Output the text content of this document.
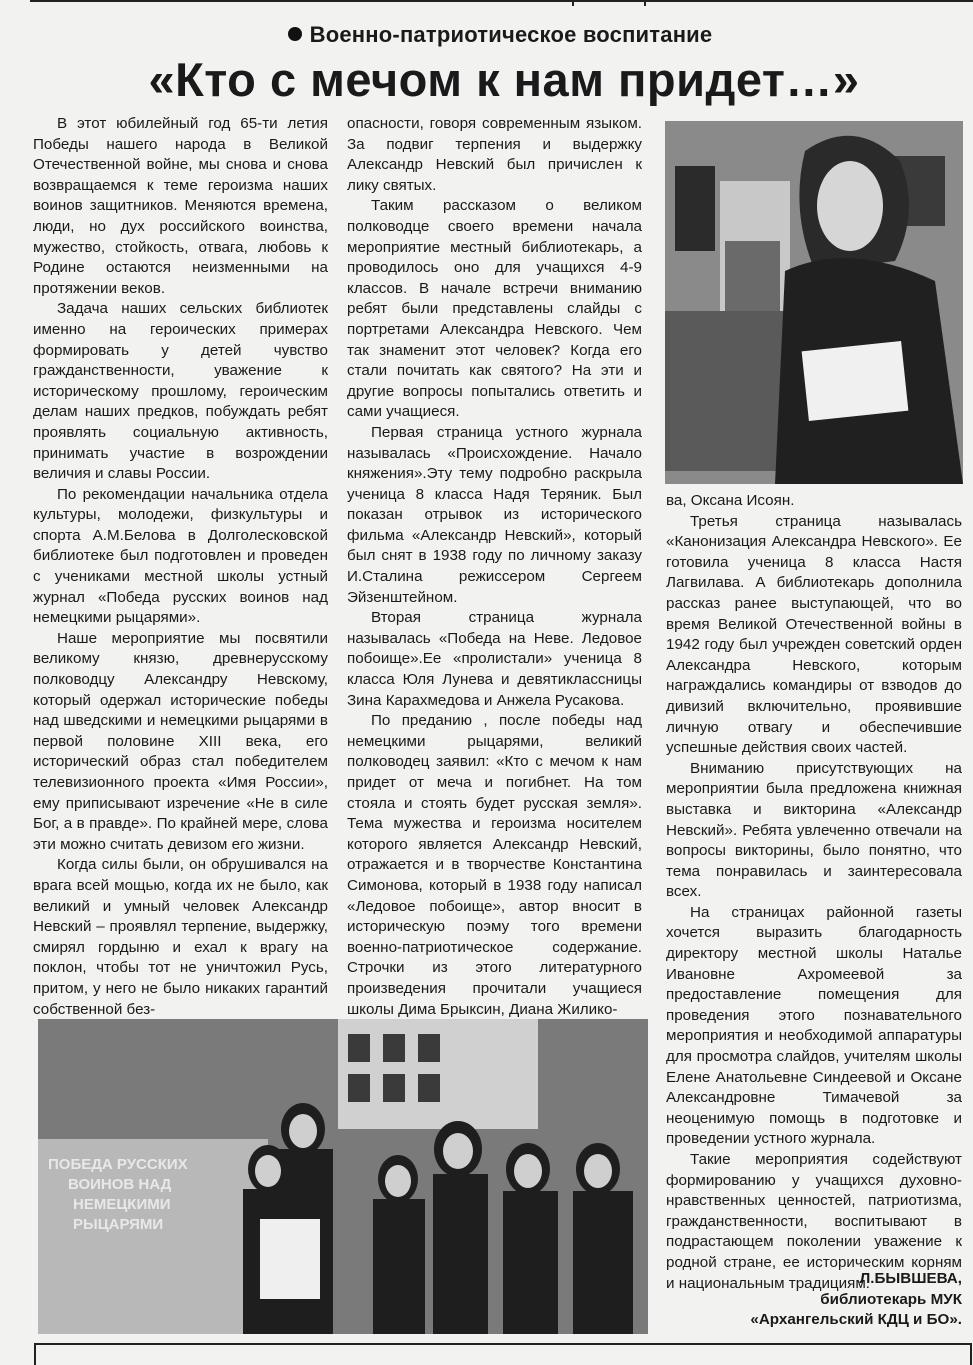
Военно-патриотическое воспитание
«Кто с мечом к нам придет…»

В этот юбилейный год 65-ти летия Победы нашего народа в Великой Отечественной войне, мы снова и снова возвращаемся к теме героизма наших воинов защитников. Меняются времена, люди, но дух российского воинства, мужество, стойкость, отвага, любовь к Родине остаются неизменными на протяжении веков.

Задача наших сельских библиотек именно на героических примерах формировать у детей чувство гражданственности, уважение к историческому прошлому, героическим делам наших предков, побуждать ребят проявлять социальную активность, принимать участие в возрождении величия и славы России.

По рекомендации начальника отдела культуры, молодежи, физкультуры и спорта А.М.Белова в Долголесковской библиотеке был подготовлен и проведен с учениками местной школы устный журнал «Победа русских воинов над немецкими рыцарями».

Наше мероприятие мы посвятили великому князю, древнерусскому полководцу Александру Невскому, который одержал исторические победы над шведскими и немецкими рыцарями в первой половине XIII века, его исторический образ стал победителем телевизионного проекта «Имя России», ему приписывают изречение «Не в силе Бог, а в правде». По крайней мере, слова эти можно считать девизом его жизни.

Когда силы были, он обрушивался на врага всей мощью, когда их не было, как великий и умный человек Александр Невский – проявлял терпение, выдержку, смирял гордыню и ехал к врагу на поклон, чтобы тот не уничтожил Русь, притом, у него не было никаких гарантий собственной без-

опасности, говоря современным языком. За подвиг терпения и выдержку Александр Невский был причислен к лику святых.

Таким рассказом о великом полководце своего времени начала мероприятие местный библиотекарь, а проводилось оно для учащихся 4-9 классов. В начале встречи вниманию ребят были представлены слайды с портретами Александра Невского. Чем так знаменит этот человек? Когда его стали почитать как святого? На эти и другие вопросы попытались ответить и сами учащиеся.

Первая страница устного журнала называлась «Происхождение. Начало княжения».Эту тему подробно раскрыла ученица 8 класса Надя Теряник. Был показан отрывок из исторического фильма «Александр Невский», который был снят в 1938 году по личному заказу И.Сталина режиссером Сергеем Эйзенштейном.

Вторая страница журнала называлась «Победа на Неве. Ледовое побоище».Ее «пролистали» ученица 8 класса Юля Лунева и девятиклассницы Зина Карахмедова и Анжела Русакова.

По преданию , после победы над немецкими рыцарями, великий полководец заявил: «Кто с мечом к нам придет от меча и погибнет. На том стояла и стоять будет русская земля». Тема мужества и героизма носителем которого является Александр Невский, отражается и в творчестве Константина Симонова, который в 1938 году написал «Ледовое побоище», автор вносит в историческую поэму того времени военно-патриотическое содержание. Строчки из этого литературного произведения прочитали учащиеся школы Дима Брыксин, Диана Жилико-

ва, Оксана Исоян.

Третья страница называлась «Канонизация Александра Невского». Ее готовила ученица 8 класса Настя Лагвилава. А библиотекарь дополнила рассказ ранее выступающей, что во время Великой Отечественной войны в 1942 году был учрежден советский орден Александра Невского, которым награждались командиры от взводов до дивизий включительно, проявившие личную отвагу и обеспечившие успешные действия своих частей.

Вниманию присутствующих на мероприятии была предложена книжная выставка и викторина «Александр Невский». Ребята увлеченно отвечали на вопросы викторины, было понятно, что тема понравилась и заинтересовала всех.

На страницах районной газеты хочется выразить благодарность директору местной школы Наталье Ивановне Ахромеевой за предоставление помещения для проведения этого познавательного мероприятия и необходимой аппаратуры для просмотра слайдов, учителям школы Елене Анатольевне Синдеевой и Оксане Александровне Тимачевой за неоценимую помощь в подготовке и проведении устного журнала.

Такие мероприятия содействуют формированию у учащихся духовно-нравственных ценностей, патриотизма, гражданственности, воспитывают в подрастающем поколении уважение к родной стране, ее историческим корням и национальным традициям.

ПОБЕДА РУССКИХ
ВОИНОВ НАД
НЕМЕЦКИМИ
РЫЦАРЯМИ
Л.БЫВШЕВА,
библиотекарь МУК
«Архангельский КДЦ и БО».
